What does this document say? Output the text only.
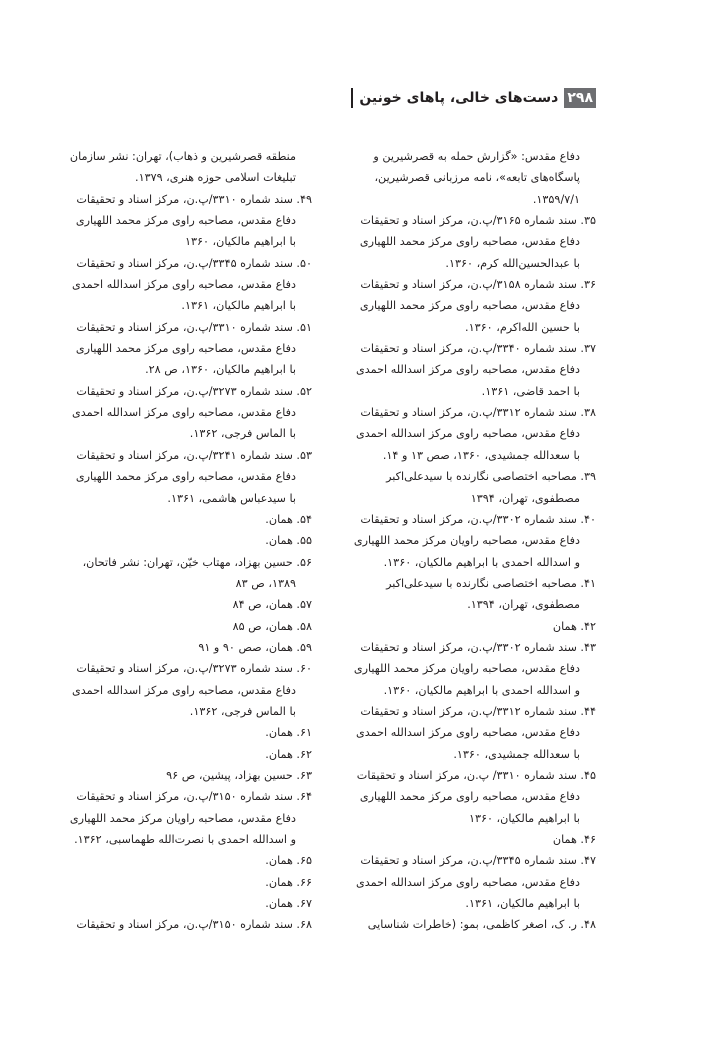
۲۹۸
دست‌های خالی، پاهای خونین
دفاع مقدس: «گزارش حمله به قصرشیرین و
پاسگاه‌های تابعه»، نامه مرزبانی قصرشیرین،
۱۳۵۹/۷/۱.
۳۵. سند شماره ۳۱۶۵/پ.ن، مرکز اسناد و تحقیقات
دفاع مقدس، مصاحبه راوی مرکز محمد اللهیاری
با عبدالحسین‌الله کرم، ۱۳۶۰.
۳۶. سند شماره ۳۱۵۸/پ.ن، مرکز اسناد و تحقیقات
دفاع مقدس، مصاحبه راوی مرکز محمد اللهیاری
با حسین الله‌اکرم، ۱۳۶۰.
۳۷. سند شماره ۳۳۴۰/پ.ن، مرکز اسناد و تحقیقات
دفاع مقدس، مصاحبه راوی مرکز اسدالله احمدی
با احمد قاضی، ۱۳۶۱.
۳۸. سند شماره ۳۳۱۲/پ.ن، مرکز اسناد و تحقیقات
دفاع مقدس، مصاحبه راوی مرکز اسدالله احمدی
با سعدالله جمشیدی، ۱۳۶۰، صص ۱۳ و ۱۴.
۳۹. مصاحبه اختصاصی نگارنده با سیدعلی‌اکبر
مصطفوی، تهران، ۱۳۹۴
۴۰. سند شماره ۳۳۰۲/پ.ن، مرکز اسناد و تحقیقات
دفاع مقدس، مصاحبه راویان مرکز محمد اللهیاری
و اسدالله احمدی با ابراهیم مالکیان، ۱۳۶۰.
۴۱. مصاحبه اختصاصی نگارنده با سیدعلی‌اکبر
مصطفوی، تهران، ۱۳۹۴.
۴۲. همان
۴۳. سند شماره ۳۳۰۲/پ.ن، مرکز اسناد و تحقیقات
دفاع مقدس، مصاحبه راویان مرکز محمد اللهیاری
و اسدالله احمدی با ابراهیم مالکیان، ۱۳۶۰.
۴۴. سند شماره ۳۳۱۲/پ.ن، مرکز اسناد و تحقیقات
دفاع مقدس، مصاحبه راوی مرکز اسدالله احمدی
با سعدالله جمشیدی، ۱۳۶۰.
۴۵. سند شماره ۳۳۱۰/ پ.ن، مرکز اسناد و تحقیقات
دفاع مقدس، مصاحبه راوی مرکز محمد اللهیاری
با ابراهیم مالکیان، ۱۳۶۰
۴۶. همان
۴۷. سند شماره ۳۳۴۵/پ.ن، مرکز اسناد و تحقیقات
دفاع مقدس، مصاحبه راوی مرکز اسدالله احمدی
با ابراهیم مالکیان، ۱۳۶۱.
۴۸. ر. ک، اصغر کاظمی، بمو: (خاطرات شناسایی
منطقه قصرشیرین و ذهاب)، تهران: نشر سازمان
تبلیغات اسلامی حوزه هنری، ۱۳۷۹.
۴۹. سند شماره ۳۳۱۰/پ.ن، مرکز اسناد و تحقیقات
دفاع مقدس، مصاحبه راوی مرکز محمد اللهیاری
با ابراهیم مالکیان، ۱۳۶۰
۵۰. سند شماره ۳۳۴۵/پ.ن، مرکز اسناد و تحقیقات
دفاع مقدس، مصاحبه راوی مرکز اسدالله احمدی
با ابراهیم مالکیان، ۱۳۶۱.
۵۱. سند شماره ۳۳۱۰/پ.ن، مرکز اسناد و تحقیقات
دفاع مقدس، مصاحبه راوی مرکز محمد اللهیاری
با ابراهیم مالکیان، ۱۳۶۰، ص ۲۸.
۵۲. سند شماره ۳۲۷۳/پ.ن، مرکز اسناد و تحقیقات
دفاع مقدس، مصاحبه راوی مرکز اسدالله احمدی
با الماس فرجی، ۱۳۶۲.
۵۳. سند شماره ۳۲۴۱/پ.ن، مرکز اسناد و تحقیقات
دفاع مقدس، مصاحبه راوی مرکز محمد اللهیاری
با سیدعباس هاشمی، ۱۳۶۱.
۵۴. همان.
۵۵. همان.
۵۶. حسین بهزاد، مهتاب خیّن، تهران: نشر فاتحان،
۱۳۸۹، ص ۸۳
۵۷. همان، ص ۸۴
۵۸. همان، ص ۸۵
۵۹. همان، صص ۹۰ و ۹۱
۶۰. سند شماره ۳۲۷۳/پ.ن، مرکز اسناد و تحقیقات
دفاع مقدس، مصاحبه راوی مرکز اسدالله احمدی
با الماس فرجی، ۱۳۶۲.
۶۱. همان.
۶۲. همان.
۶۳. حسین بهزاد، پیشین، ص ۹۶
۶۴. سند شماره ۳۱۵۰/پ.ن، مرکز اسناد و تحقیقات
دفاع مقدس، مصاحبه راویان مرکز محمد اللهیاری
و اسدالله احمدی با نصرت‌الله طهماسبی، ۱۳۶۲.
۶۵. همان.
۶۶. همان.
۶۷. همان.
۶۸. سند شماره ۳۱۵۰/پ.ن، مرکز اسناد و تحقیقات
